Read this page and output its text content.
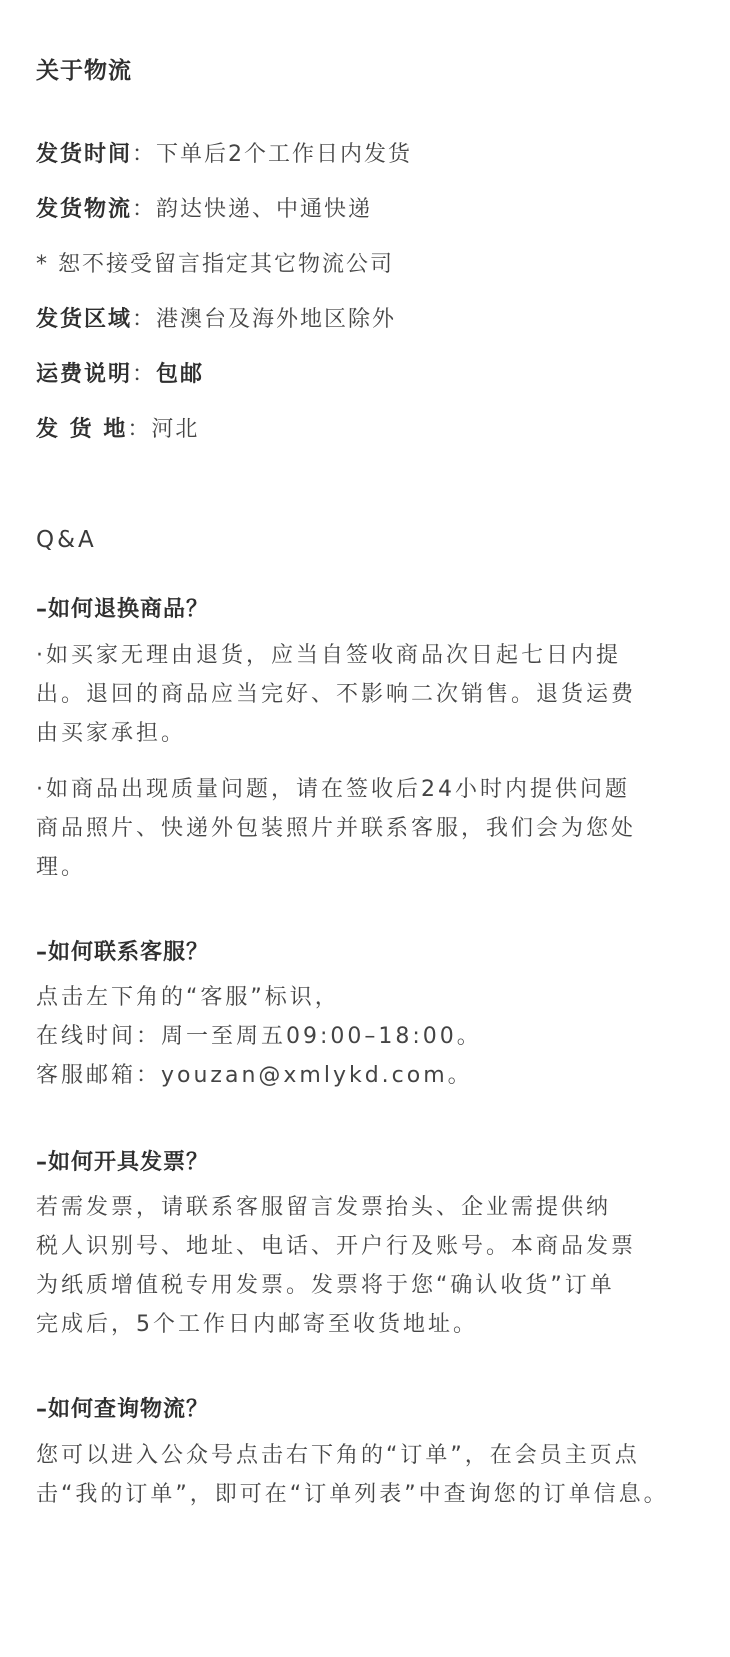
关于物流
发货时间：下单后2个工作日内发货
发货物流：韵达快递、中通快递
* 恕不接受留言指定其它物流公司
发货区域：港澳台及海外地区除外
运费说明：包邮
发 货 地：河北
Q&A
–如何退换商品？
·如买家无理由退货，应当自签收商品次日起七日内提
出。退回的商品应当完好、不影响二次销售。退货运费
由买家承担。
·如商品出现质量问题，请在签收后24小时内提供问题
商品照片、快递外包装照片并联系客服，我们会为您处
理。
–如何联系客服？
点击左下角的“客服”标识，
在线时间：周一至周五09:00–18:00。
客服邮箱：youzan@xmlykd.com。
–如何开具发票？
若需发票，请联系客服留言发票抬头、企业需提供纳
税人识别号、地址、电话、开户行及账号。本商品发票
为纸质增值税专用发票。发票将于您“确认收货”订单
完成后，5个工作日内邮寄至收货地址。
–如何查询物流？
您可以进入公众号点击右下角的“订单”，在会员主页点
击“我的订单”，即可在“订单列表”中查询您的订单信息。
